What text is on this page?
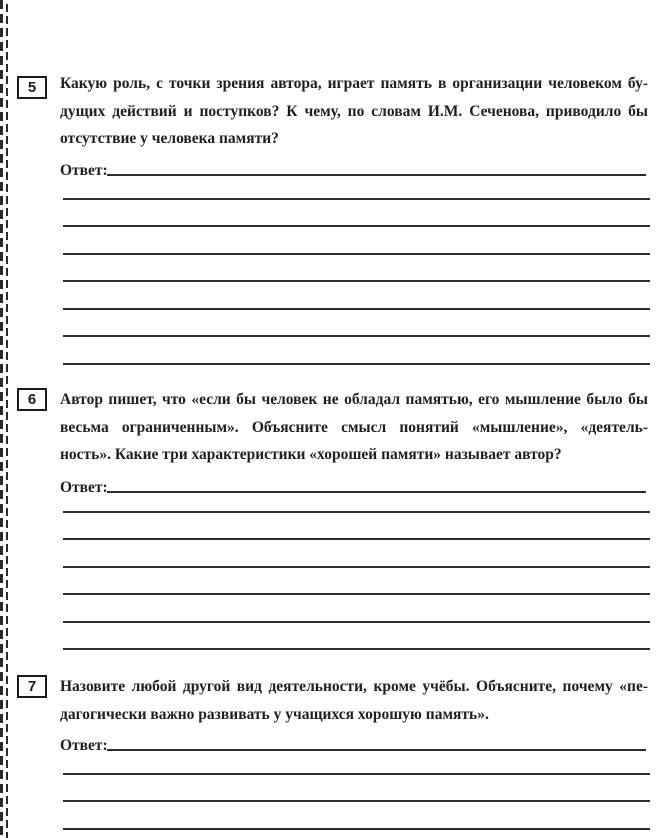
5 Какую роль, с точки зрения автора, играет память в организации человеком бу-
дущих действий и поступков? К чему, по словам И.М. Сеченова, приводило бы
отсутствие у человека памяти?
Ответ:
6 Автор пишет, что «если бы человек не обладал памятью, его мышление было бы
весьма ограниченным». Объясните смысл понятий «мышление», «деятель-
ность». Какие три характеристики «хорошей памяти» называет автор?
Ответ:
7 Назовите любой другой вид деятельности, кроме учёбы. Объясните, почему «пе-
дагогически важно развивать у учащихся хорошую память».
Ответ:
